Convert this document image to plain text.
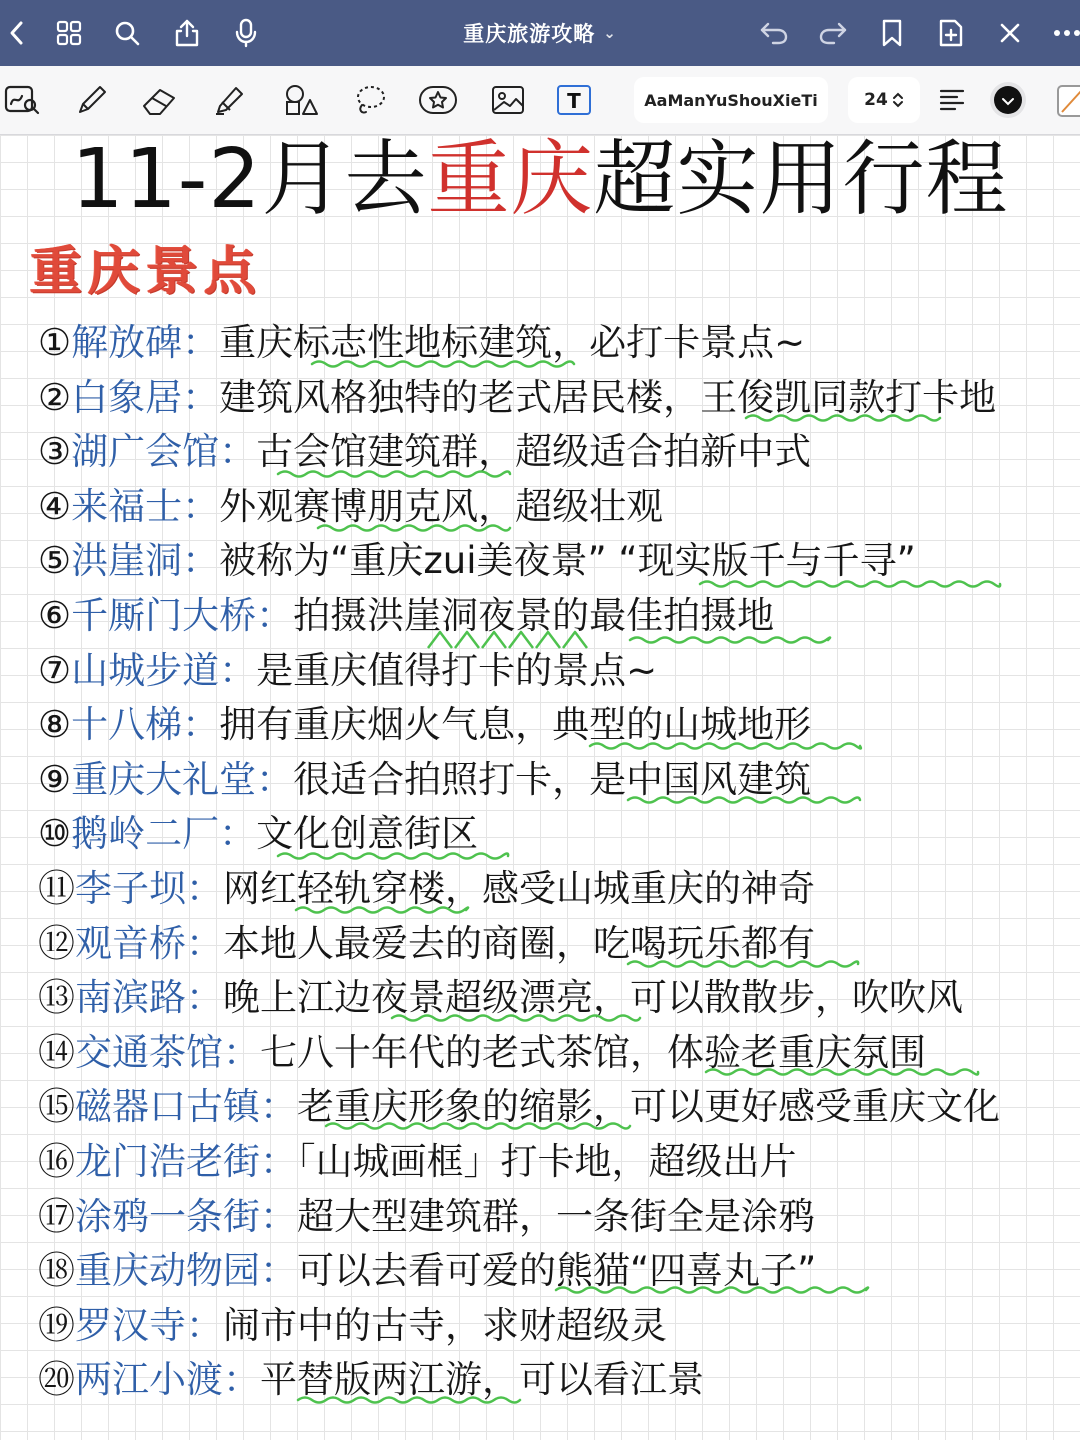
重庆旅游攻略 ⌄
T	AaManYuShouXieTi	24
11-2月去重庆超实用行程
重庆景点
①解放碑：重庆标志性地标建筑，必打卡景点~
②白象居：建筑风格独特的老式居民楼，王俊凯同款打卡地
③湖广会馆：古会馆建筑群，超级适合拍新中式
④来福士：外观赛博朋克风，超级壮观
⑤洪崖洞：被称为“重庆zui美夜景” “现实版千与千寻”
⑥千厮门大桥：拍摄洪崖洞夜景的最佳拍摄地
⑦山城步道：是重庆值得打卡的景点~
⑧十八梯：拥有重庆烟火气息，典型的山城地形
⑨重庆大礼堂：很适合拍照打卡，是中国风建筑
⑩鹅岭二厂：文化创意街区
⑪李子坝：网红轻轨穿楼，感受山城重庆的神奇
⑫观音桥：本地人最爱去的商圈，吃喝玩乐都有
⑬南滨路：晚上江边夜景超级漂亮，可以散散步，吹吹风
⑭交通茶馆：七八十年代的老式茶馆，体验老重庆氛围
⑮磁器口古镇：老重庆形象的缩影，可以更好感受重庆文化
⑯龙门浩老街：「山城画框」打卡地，超级出片
⑰涂鸦一条街：超大型建筑群，一条街全是涂鸦
⑱重庆动物园：可以去看可爱的熊猫“四喜丸子”
⑲罗汉寺：闹市中的古寺，求财超级灵
⑳两江小渡：平替版两江游，可以看江景
